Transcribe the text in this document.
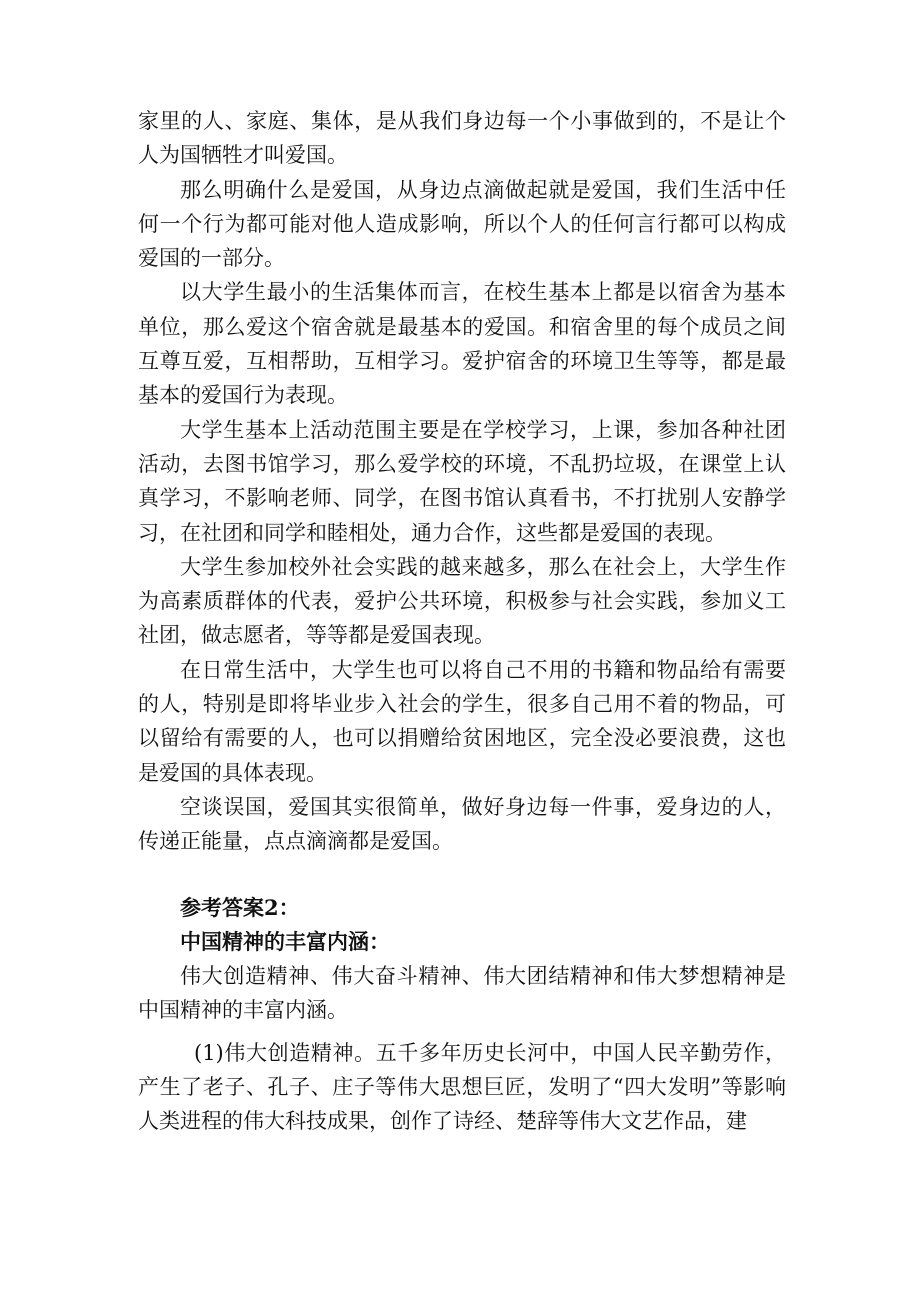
家里的人、家庭、集体，是从我们身边每一个小事做到的，不是让个人为国牺牲才叫爱国。

那么明确什么是爱国，从身边点滴做起就是爱国，我们生活中任何一个行为都可能对他人造成影响，所以个人的任何言行都可以构成爱国的一部分。

以大学生最小的生活集体而言，在校生基本上都是以宿舍为基本单位，那么爱这个宿舍就是最基本的爱国。和宿舍里的每个成员之间互尊互爱，互相帮助，互相学习。爱护宿舍的环境卫生等等，都是最基本的爱国行为表现。

大学生基本上活动范围主要是在学校学习，上课，参加各种社团活动，去图书馆学习，那么爱学校的环境，不乱扔垃圾，在课堂上认真学习，不影响老师、同学，在图书馆认真看书，不打扰别人安静学习，在社团和同学和睦相处，通力合作，这些都是爱国的表现。

大学生参加校外社会实践的越来越多，那么在社会上，大学生作为高素质群体的代表，爱护公共环境，积极参与社会实践，参加义工社团，做志愿者，等等都是爱国表现。

在日常生活中，大学生也可以将自己不用的书籍和物品给有需要的人，特别是即将毕业步入社会的学生，很多自己用不着的物品，可以留给有需要的人，也可以捐赠给贫困地区，完全没必要浪费，这也是爱国的具体表现。

空谈误国，爱国其实很简单，做好身边每一件事，爱身边的人，传递正能量，点点滴滴都是爱国。

参考答案2：

中国精神的丰富内涵：

伟大创造精神、伟大奋斗精神、伟大团结精神和伟大梦想精神是中国精神的丰富内涵。

(1)伟大创造精神。五千多年历史长河中，中国人民辛勤劳作，产生了老子、孔子、庄子等伟大思想巨匠，发明了“四大发明”等影响人类进程的伟大科技成果，创作了诗经、楚辞等伟大文艺作品，建
